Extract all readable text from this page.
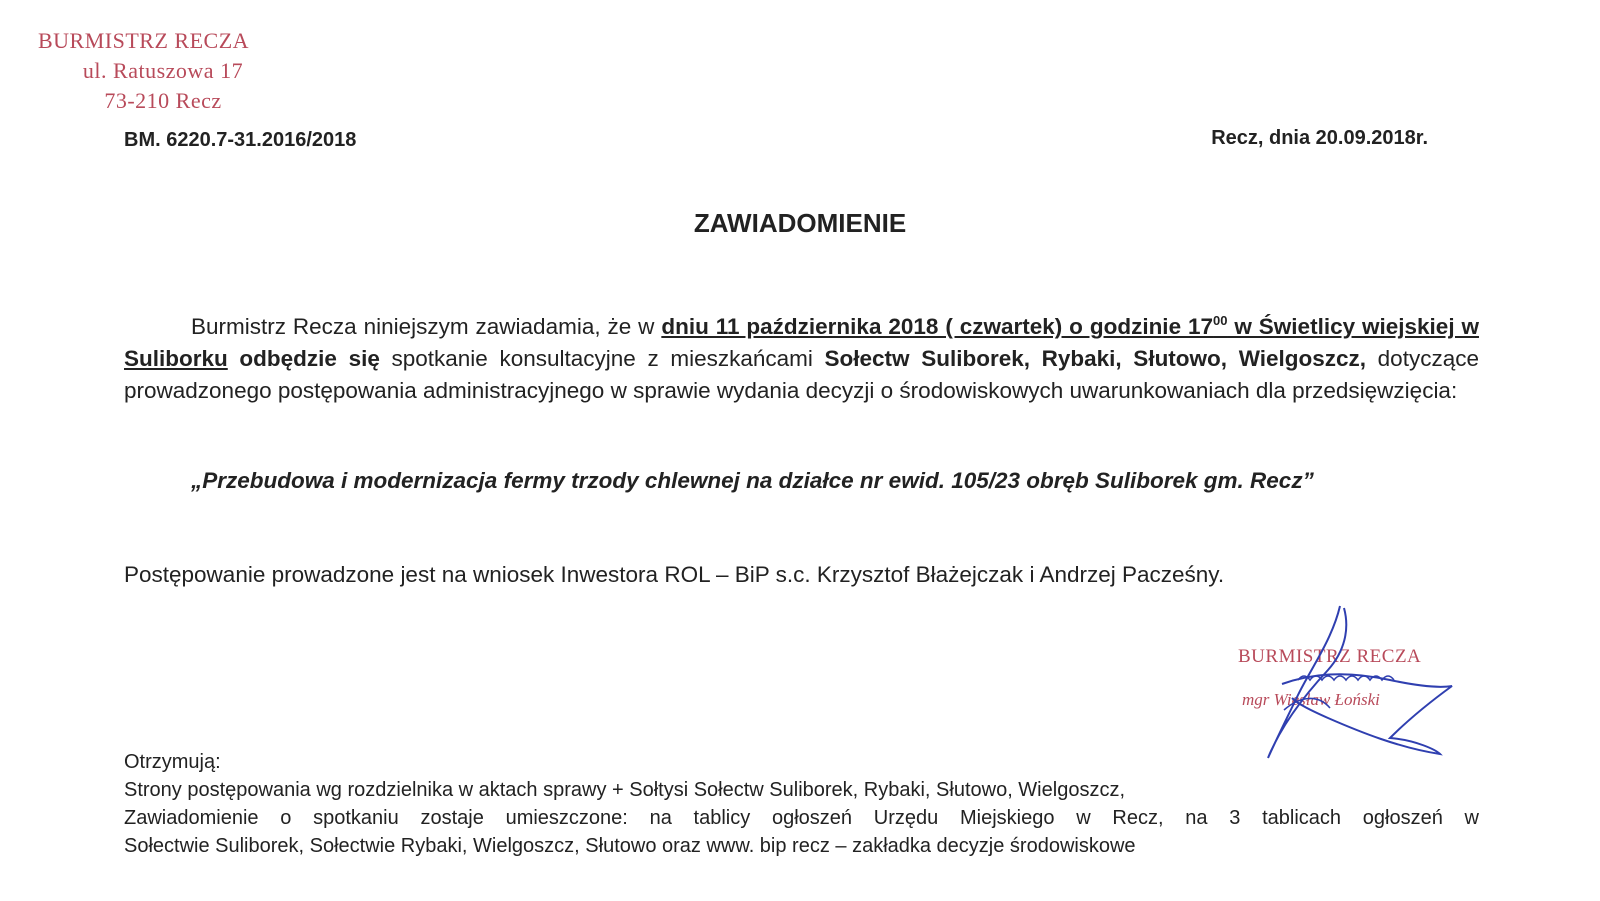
BURMISTRZ RECZA
ul. Ratuszowa 17
73-210 Recz
BM. 6220.7-31.2016/2018	Recz, dnia 20.09.2018r.
ZAWIADOMIENIE
Burmistrz Recza niniejszym zawiadamia, że w dniu 11 października 2018 ( czwartek) o godzinie $17^{00}$ w Świetlicy wiejskiej w Suliborku odbędzie się spotkanie konsultacyjne z mieszkańcami Sołectw Suliborek, Rybaki, Słutowo, Wielgoszcz, dotyczące prowadzonego postępowania administracyjnego w sprawie wydania decyzji o środowiskowych uwarunkowaniach dla przedsięwzięcia:
„Przebudowa i modernizacja fermy trzody chlewnej na działce nr ewid. 105/23 obręb Suliborek gm. Recz”
Postępowanie prowadzone jest na wniosek Inwestora ROL – BiP s.c. Krzysztof Błażejczak i Andrzej Pacześny.
BURMISTRZ RECZA
mgr Wiesław Łoński
Otrzymują:
Strony postępowania wg rozdzielnika w aktach sprawy + Sołtysi Sołectw Suliborek, Rybaki, Słutowo, Wielgoszcz,
Zawiadomienie o spotkaniu zostaje umieszczone: na tablicy ogłoszeń Urzędu Miejskiego w Recz, na 3 tablicach ogłoszeń w
Sołectwie Suliborek, Sołectwie Rybaki, Wielgoszcz, Słutowo oraz www. bip recz – zakładka decyzje środowiskowe
